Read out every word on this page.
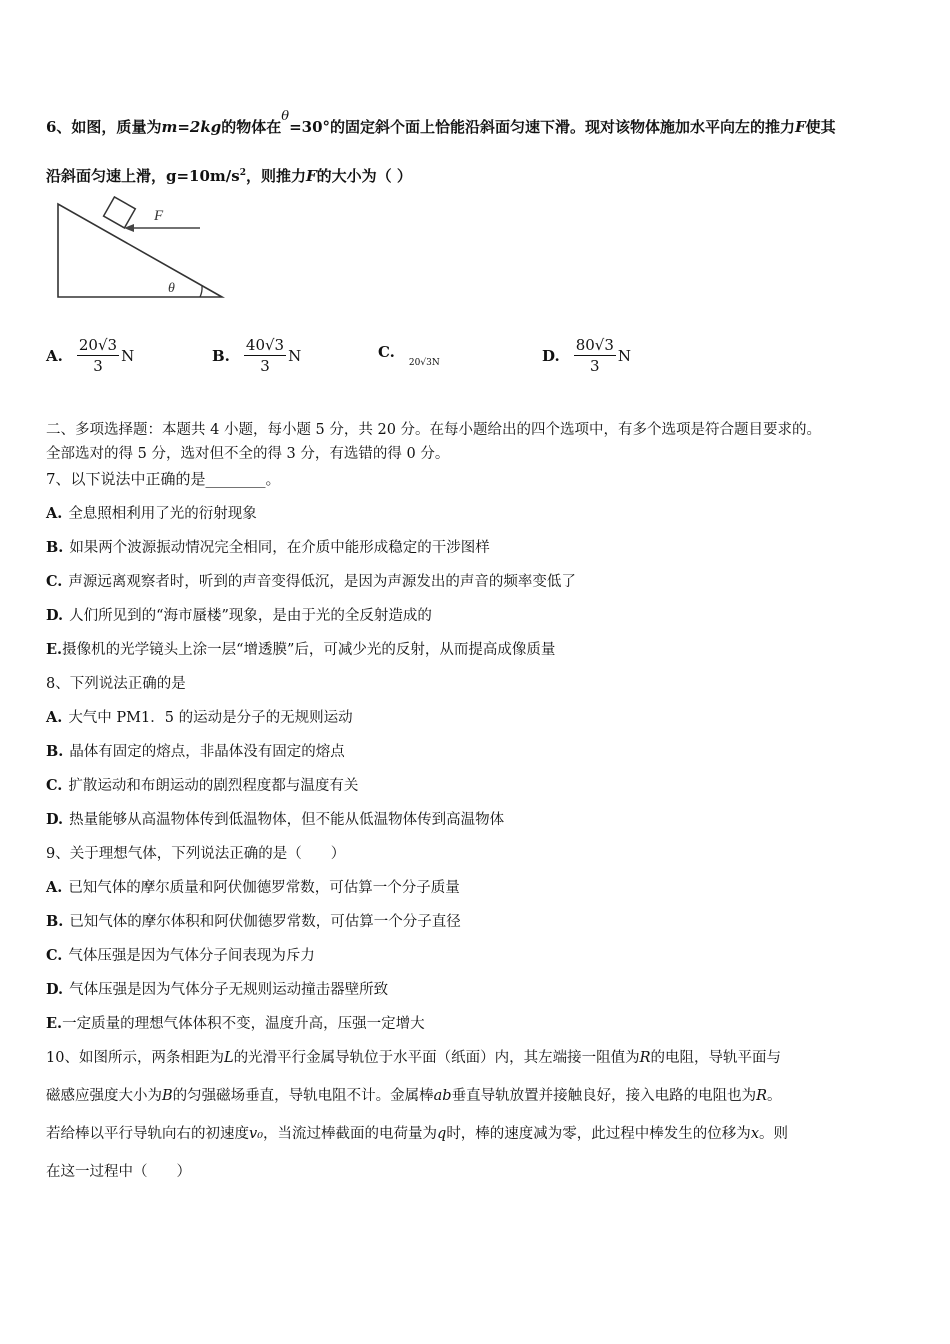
6、如图，质量为m=2kg的物体在θ=30°的固定斜个面上恰能沿斜面匀速下滑。现对该物体施加水平向左的推力F使其
沿斜面匀速上滑，$g=10m/s^2$，则推力F的大小为（ ）
F
θ
A. $\frac{20√3}{3}$ N	B. $\frac{40√3}{3}$ N	C.
20√3N	D. $\frac{80√3}{3}$ N
二、多项选择题：本题共 4 小题，每小题 5 分，共 20 分。在每小题给出的四个选项中，有多个选项是符合题目要求的。
全部选对的得 5 分，选对但不全的得 3 分，有选错的得 0 分。
7、以下说法中正确的是________。
A. 全息照相利用了光的衍射现象
B. 如果两个波源振动情况完全相同，在介质中能形成稳定的干涉图样
C. 声源远离观察者时，听到的声音变得低沉，是因为声源发出的声音的频率变低了
D. 人们所见到的“海市蜃楼”现象，是由于光的全反射造成的
E.摄像机的光学镜头上涂一层“增透膜”后，可减少光的反射，从而提高成像质量
8、下列说法正确的是
A. 大气中 PM1．5 的运动是分子的无规则运动
B. 晶体有固定的熔点，非晶体没有固定的熔点
C. 扩散运动和布朗运动的剧烈程度都与温度有关
D. 热量能够从高温物体传到低温物体，但不能从低温物体传到高温物体
9、关于理想气体，下列说法正确的是（　　）
A. 已知气体的摩尔质量和阿伏伽德罗常数，可估算一个分子质量
B. 已知气体的摩尔体积和阿伏伽德罗常数，可估算一个分子直径
C. 气体压强是因为气体分子间表现为斥力
D. 气体压强是因为气体分子无规则运动撞击器壁所致
E.一定质量的理想气体体积不变，温度升高，压强一定增大
10、如图所示，两条相距为L的光滑平行金属导轨位于水平面（纸面）内，其左端接一阻值为R的电阻，导轨平面与
磁感应强度大小为B的匀强磁场垂直，导轨电阻不计。金属棒ab垂直导轨放置并接触良好，接入电路的电阻也为R。
若给棒以平行导轨向右的初速度v₀，当流过棒截面的电荷量为q时，棒的速度减为零，此过程中棒发生的位移为x。则
在这一过程中（　　）
